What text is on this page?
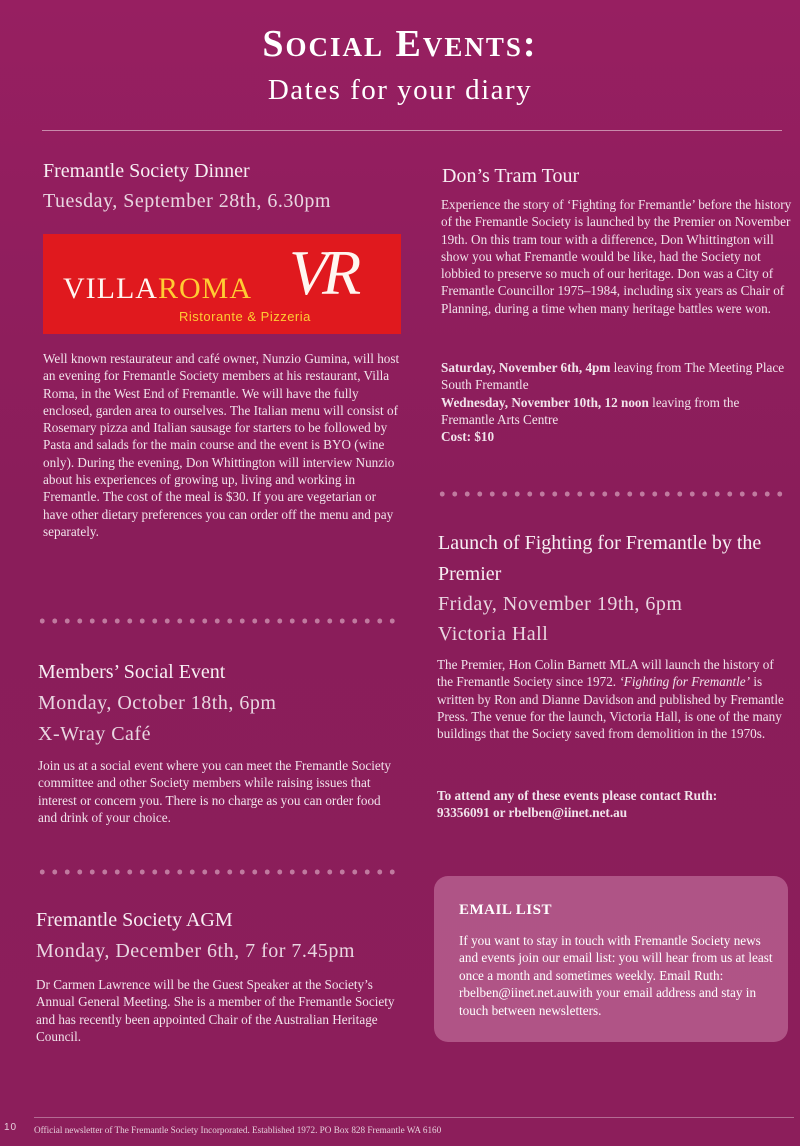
Social Events:
Dates for your diary
Fremantle Society Dinner
Tuesday, September 28th, 6.30pm
VILLAROMA VR
Ristorante & Pizzeria
Well known restaurateur and café owner, Nunzio Gumina, will host an evening for Fremantle Society members at his restaurant, Villa Roma, in the West End of Fremantle. We will have the fully enclosed, garden area to ourselves. The Italian menu will consist of Rosemary pizza and Italian sausage for starters to be followed by Pasta and salads for the main course and the event is BYO (wine only). During the evening, Don Whittington will interview Nunzio about his experiences of growing up, living and working in Fremantle. The cost of the meal is $30. If you are vegetarian or have other dietary preferences you can order off the menu and pay separately.
Members’ Social Event
Monday, October 18th, 6pm
X-Wray Café
Join us at a social event where you can meet the Fremantle Society committee and other Society members while raising issues that interest or concern you. There is no charge as you can order food and drink of your choice.
Fremantle Society AGM
Monday, December 6th, 7 for 7.45pm
Dr Carmen Lawrence will be the Guest Speaker at the Society’s Annual General Meeting. She is a member of the Fremantle Society and has recently been appointed Chair of the Australian Heritage Council.
Don’s Tram Tour
Experience the story of ‘Fighting for Fremantle’ before the history of the Fremantle Society is launched by the Premier on November 19th. On this tram tour with a difference, Don Whittington will show you what Fremantle would be like, had the Society not lobbied to preserve so much of our heritage. Don was a City of Fremantle Councillor 1975–1984, including six years as Chair of Planning, during a time when many heritage battles were won.

Saturday, November 6th, 4pm leaving from The Meeting Place South Fremantle

Wednesday, November 10th, 12 noon leaving from the Fremantle Arts Centre

Cost: $10

Launch of Fighting for Fremantle by the Premier
Friday, November 19th, 6pm
Victoria Hall
The Premier, Hon Colin Barnett MLA will launch the history of the Fremantle Society since 1972. ‘Fighting for Fremantle’ is written by Ron and Dianne Davidson and published by Fremantle Press. The venue for the launch, Victoria Hall, is one of the many buildings that the Society saved from demolition in the 1970s.
To attend any of these events please contact Ruth: 93356091 or rbelben@iinet.net.au
EMAIL LIST
If you want to stay in touch with Fremantle Society news and events join our email list: you will hear from us at least once a month and sometimes weekly. Email Ruth: rbelben@iinet.net.auwith your email address and stay in touch between newsletters.
10 Official newsletter of The Fremantle Society Incorporated. Established 1972. PO Box 828 Fremantle WA 6160
